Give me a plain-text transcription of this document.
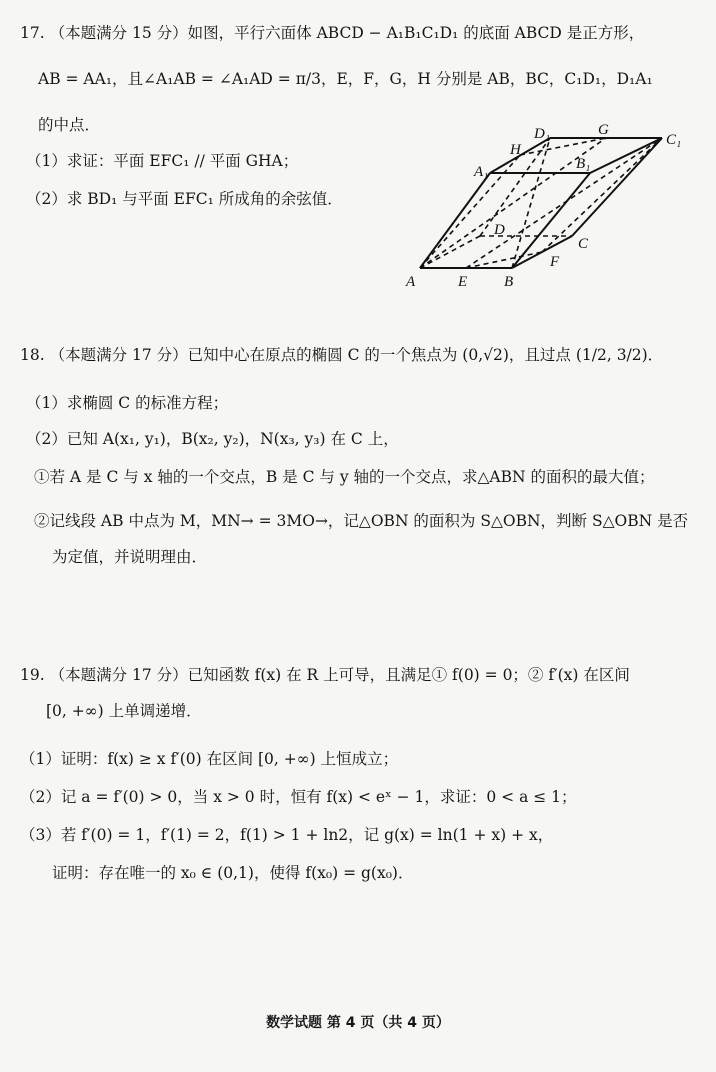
17. （本题满分 15 分）如图，平行六面体 ABCD − A₁B₁C₁D₁ 的底面 ABCD 是正方形，
AB = AA₁，且∠A₁AB = ∠A₁AD = π/3，E，F，G，H 分别是 AB，BC，C₁D₁，D₁A₁
的中点．
（1）求证：平面 EFC₁ // 平面 GHA；
（2）求 BD₁ 与平面 EFC₁ 所成角的余弦值．
A	E B
F
C
D
A₁	B₁
H
D₁	G
C₁
18. （本题满分 17 分）已知中心在原点的椭圆 C 的一个焦点为 (0,√2)，且过点 (1/2, 3/2)．
（1）求椭圆 C 的标准方程；
（2）已知 A(x₁, y₁)，B(x₂, y₂)，N(x₃, y₃) 在 C 上，
①若 A 是 C 与 x 轴的一个交点，B 是 C 与 y 轴的一个交点，求△ABN 的面积的最大值；
②记线段 AB 中点为 M，MN→ = 3MO→，记△OBN 的面积为 S△OBN，判断 S△OBN 是否
为定值，并说明理由．
19. （本题满分 17 分）已知函数 f(x) 在 R 上可导，且满足① f(0) = 0；② f′(x) 在区间
[0, +∞) 上单调递增．
（1）证明：f(x) ≥ x f′(0) 在区间 [0, +∞) 上恒成立；
（2）记 a = f′(0) > 0，当 x > 0 时，恒有 f(x) < eˣ − 1，求证：0 < a ≤ 1；
（3）若 f′(0) = 1，f′(1) = 2，f(1) > 1 + ln2，记 g(x) = ln(1 + x) + x，
证明：存在唯一的 x₀ ∈ (0,1)，使得 f(x₀) = g(x₀)．
数学试题 第 4 页（共 4 页）
